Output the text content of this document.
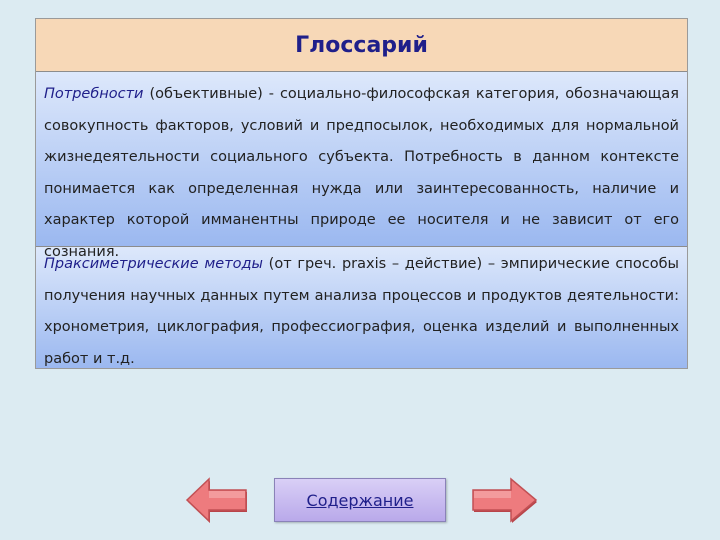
Глоссарий
Потребности (объективные) - социально-философская категория, обозначающая совокупность факторов, условий и предпосылок, необходимых для нормальной жизнедеятельности социального субъекта. Потребность в данном контексте понимается как определенная нужда или заинтересованность, наличие и характер которой имманентны природе ее носителя и не зависит от его
Праксиметрические методы (от греч. praxis – действие) – эмпирические способы получения научных данных путем анализа процессов и продуктов деятельности: хронометрия, циклография, профессиография, оценка изделий и выполненных работ и т.д.
Содержание
